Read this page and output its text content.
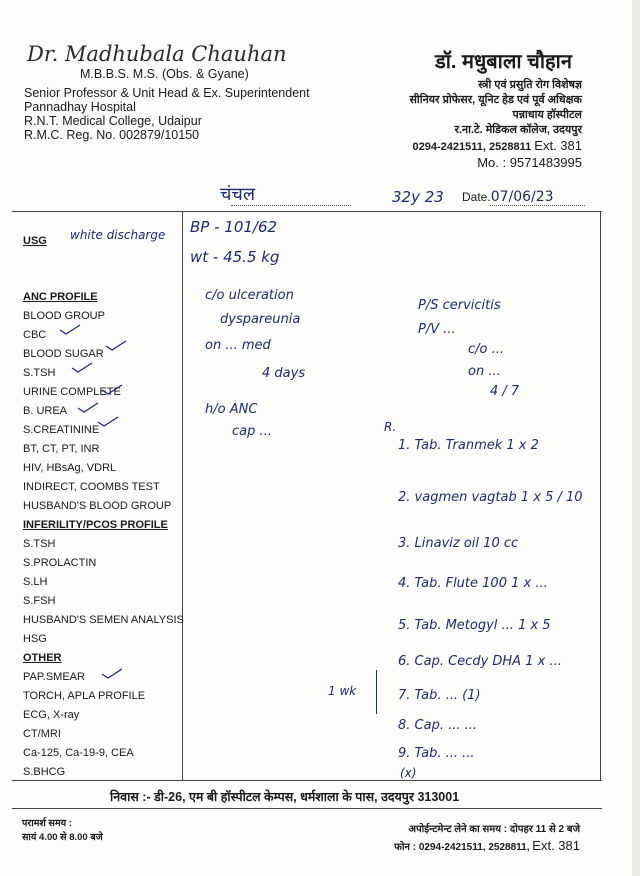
Dr. Madhubala Chauhan
M.B.B.S. M.S. (Obs. & Gyane)
Senior Professor & Unit Head & Ex. Superintendent
Pannadhay Hospital
R.N.T. Medical College, Udaipur
R.M.C. Reg. No. 002879/10150
डॉ. मधुबाला चौहान
स्त्री एवं प्रसुति रोग विशेषज्ञ
सीनियर प्रोफेसर, यूनिट हेड एवं पूर्व अधिक्षक
पन्नाधाय हॉस्पीटल
र.ना.टे. मेडिकल कॉलेज, उदयपुर
0294-2421511, 2528811 Ext. 381
Mo. : 9571483995
चंचल	32y 23 Date.07/06/23
USG
ANC PROFILE
BLOOD GROUP
CBC
BLOOD SUGAR
S.TSH
URINE COMPLETE
B. UREA
S.CREATININE
BT, CT, PT, INR
HIV, HBsAg, VDRL
INDIRECT, COOMBS TEST
HUSBAND'S BLOOD GROUP
INFERILITY/PCOS PROFILE
S.TSH
S.PROLACTIN
S.LH
S.FSH
HUSBAND'S SEMEN ANALYSIS
HSG
OTHER
PAP.SMEAR
TORCH, APLA PROFILE
ECG, X-ray
CT/MRI
Ca-125, Ca-19-9, CEA
S.BHCG
white discharge BP - 101/62
wt - 45.5 kg
c/o ulceration
dyspareunia
on ... med
4 days
h/o ANC
cap ...
P/S cervicitis
P/V ...
c/o ...
on ...
4 / 7
R.
1. Tab. Tranmek 1 x 2
2. vagmen vagtab 1 x 5 / 10
3. Linaviz oil 10 cc
4. Tab. Flute 100 1 x ...
5. Tab. Metogyl ... 1 x 5
6. Cap. Cecdy DHA 1 x ...
7. Tab. ... (1)
8. Cap. ... ...
9. Tab. ... ...
(x)
1 wk
निवास :- डी-26, एम बी हॉस्पीटल केम्पस, धर्मशाला के पास, उदयपुर 313001
परामर्श समय :
सायं 4.00 से 8.00 बजे
अपोईन्टमेन्ट लेने का समय : दोपहर 11 से 2 बजे
फोन : 0294-2421511, 2528811, Ext. 381
